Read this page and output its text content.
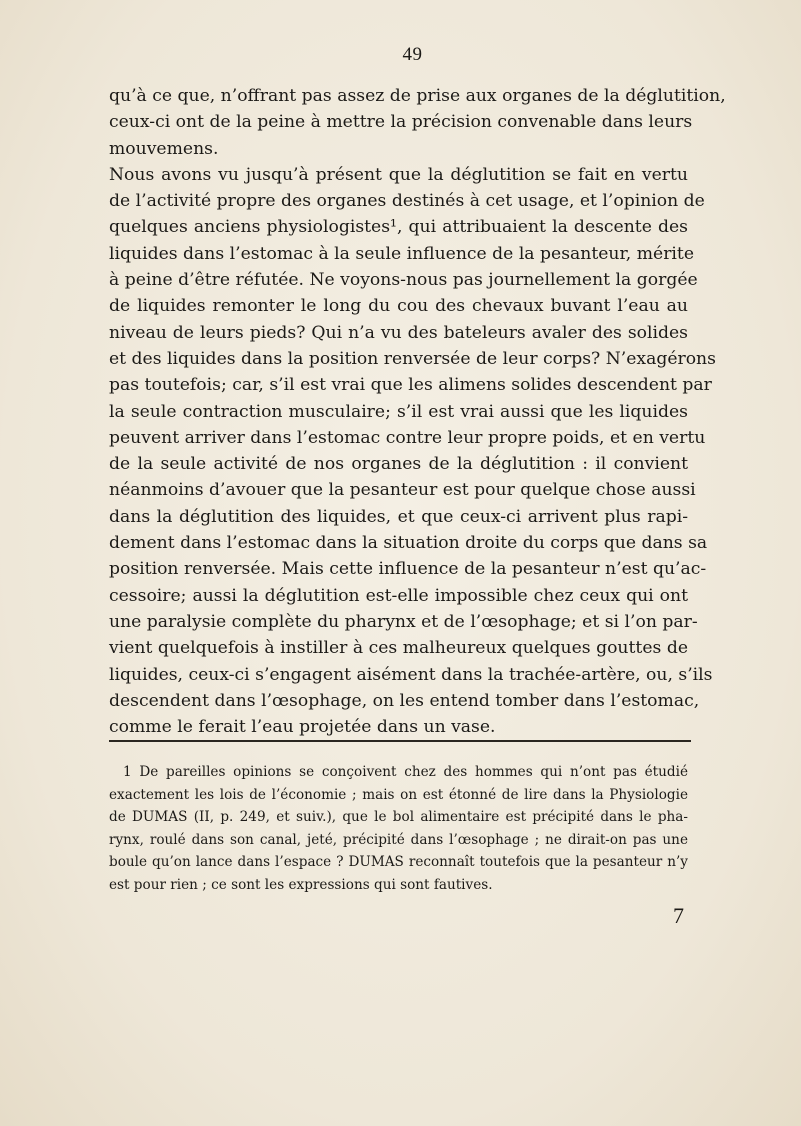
49
qu’à ce que, n’offrant pas assez de prise aux organes de la déglutition,
ceux-ci ont de la peine à mettre la précision convenable dans leurs
mouvemens.
Nous avons vu jusqu’à présent que la déglutition se fait en vertu
de l’activité propre des organes destinés à cet usage, et l’opinion de
quelques anciens physiologistes¹, qui attribuaient la descente des
liquides dans l’estomac à la seule influence de la pesanteur, mérite
à peine d’être réfutée. Ne voyons-nous pas journellement la gorgée
de liquides remonter le long du cou des chevaux buvant l’eau au
niveau de leurs pieds? Qui n’a vu des bateleurs avaler des solides
et des liquides dans la position renversée de leur corps? N’exagérons
pas toutefois; car, s’il est vrai que les alimens solides descendent par
la seule contraction musculaire; s’il est vrai aussi que les liquides
peuvent arriver dans l’estomac contre leur propre poids, et en vertu
de la seule activité de nos organes de la déglutition : il convient
néanmoins d’avouer que la pesanteur est pour quelque chose aussi
dans la déglutition des liquides, et que ceux-ci arrivent plus rapi-
dement dans l’estomac dans la situation droite du corps que dans sa
position renversée. Mais cette influence de la pesanteur n’est qu’ac-
cessoire; aussi la déglutition est-elle impossible chez ceux qui ont
une paralysie complète du pharynx et de l’œsophage; et si l’on par-
vient quelquefois à instiller à ces malheureux quelques gouttes de
liquides, ceux-ci s’engagent aisément dans la trachée-artère, ou, s’ils
descendent dans l’œsophage, on les entend tomber dans l’estomac,
comme le ferait l’eau projetée dans un vase.
1 De pareilles opinions se conçoivent chez des hommes qui n’ont pas étudié
exactement les lois de l’économie ; mais on est étonné de lire dans la Physiologie
de DUMAS (II, p. 249, et suiv.), que le bol alimentaire est précipité dans le pha-
rynx, roulé dans son canal, jeté, précipité dans l’œsophage ; ne dirait-on pas une
boule qu’on lance dans l’espace ? DUMAS reconnaît toutefois que la pesanteur n’y
est pour rien ; ce sont les expressions qui sont fautives.
7
